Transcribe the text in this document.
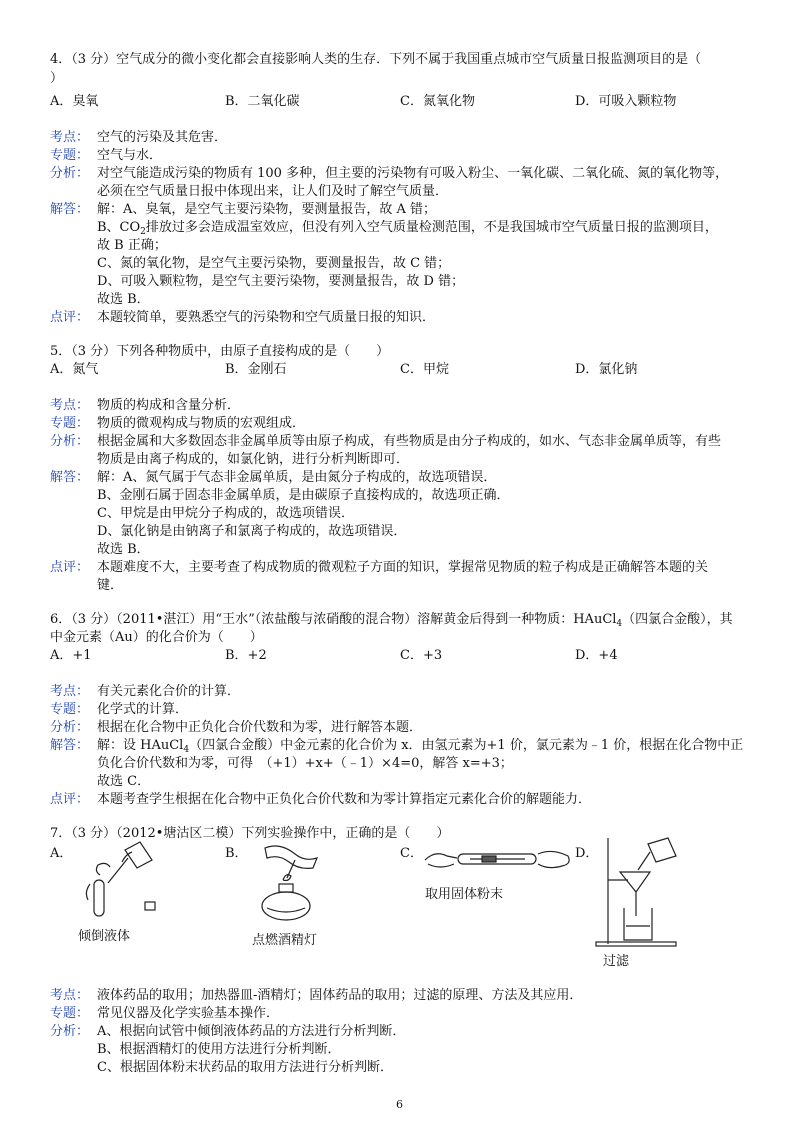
4．（3 分）空气成分的微小变化都会直接影响人类的生存．下列不属于我国重点城市空气质量日报监测项目的是（
）
A．臭氧	B．二氧化碳	C．氮氧化物	D．可吸入颗粒物
考点： 空气的污染及其危害．
专题： 空气与水．
分析： 对空气能造成污染的物质有 100 多种，但主要的污染物有可吸入粉尘、一氧化碳、二氧化硫、氮的氧化物等，
必须在空气质量日报中体现出来，让人们及时了解空气质量．
解答： 解：A、臭氧，是空气主要污染物，要测量报告，故 A 错；
B、$CO_2$排放过多会造成温室效应，但没有列入空气质量检测范围，不是我国城市空气质量日报的监测项目，
故 B 正确；
C、氮的氧化物，是空气主要污染物，要测量报告，故 C 错；
D、可吸入颗粒物，是空气主要污染物，要测量报告，故 D 错；
故选 B．
点评： 本题较简单，要熟悉空气的污染物和空气质量日报的知识．
5．（3 分）下列各种物质中，由原子直接构成的是（　　）
A．氮气	B．金刚石	C．甲烷	D．氯化钠
考点： 物质的构成和含量分析．
专题： 物质的微观构成与物质的宏观组成．
分析： 根据金属和大多数固态非金属单质等由原子构成，有些物质是由分子构成的，如水、气态非金属单质等，有些
物质是由离子构成的，如氯化钠，进行分析判断即可．
解答： 解：A、氮气属于气态非金属单质，是由氮分子构成的，故选项错误．
B、金刚石属于固态非金属单质，是由碳原子直接构成的，故选项正确．
C、甲烷是由甲烷分子构成的，故选项错误．
D、氯化钠是由钠离子和氯离子构成的，故选项错误．
故选 B．
点评： 本题难度不大，主要考查了构成物质的微观粒子方面的知识，掌握常见物质的粒子构成是正确解答本题的关
键．
6．（3 分）（2011•湛江）用“王水”（浓盐酸与浓硝酸的混合物）溶解黄金后得到一种物质：HAuCl$_4$（四氯合金酸），其
中金元素（Au）的化合价为（　　）
A．+1	B．+2	C．+3	D．+4
考点： 有关元素化合价的计算．
专题： 化学式的计算．
分析： 根据在化合物中正负化合价代数和为零，进行解答本题．
解答： 解：设 HAuCl$_4$（四氯合金酸）中金元素的化合价为 x．由氢元素为+1 价，氯元素为﹣1 价，根据在化合物中正
负化合价代数和为零，可得　（+1）+x+（﹣1）×4=0，解答 x=+3；
故选 C．
点评： 本题考查学生根据在化合物中正负化合价代数和为零计算指定元素化合价的解题能力．
7．（3 分）（2012•塘沽区二模）下列实验操作中，正确的是（　　）
A．	B．	C．	D．
倾倒液体	点燃酒精灯
取用固体粉末
过滤
考点： 液体药品的取用；加热器皿-酒精灯；固体药品的取用；过滤的原理、方法及其应用．
专题： 常见仪器及化学实验基本操作．
分析： A、根据向试管中倾倒液体药品的方法进行分析判断．
B、根据酒精灯的使用方法进行分析判断．
C、根据固体粉末状药品的取用方法进行分析判断．
6
